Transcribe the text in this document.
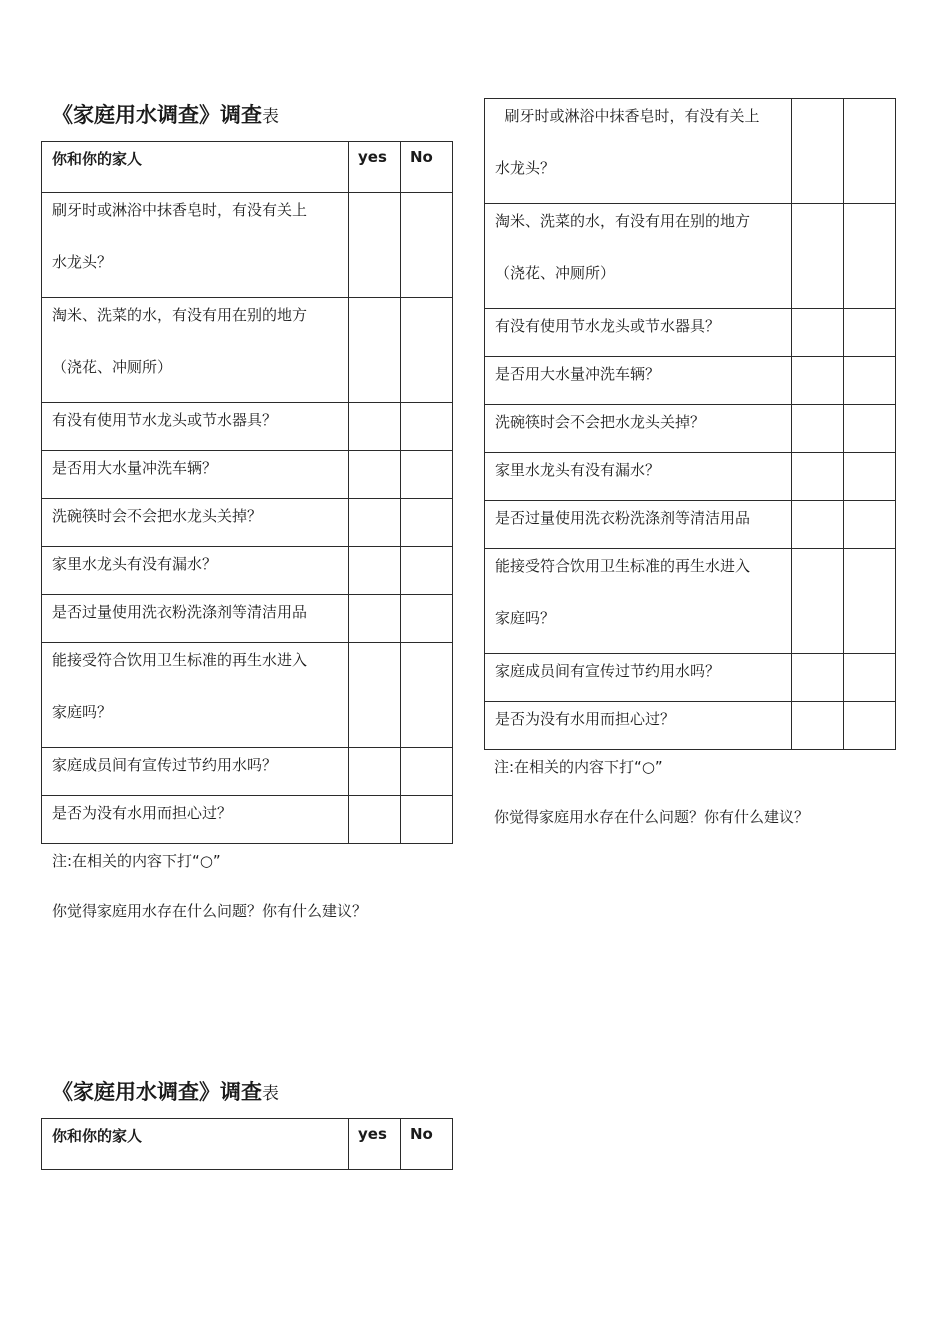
《家庭用水调查》调查表
你和你的家人	yes	No

刷牙时或淋浴中抹香皂时，有没有关上
水龙头？		

淘米、洗菜的水，有没有用在别的地方
（浇花、冲厕所）		

有没有使用节水龙头或节水器具？		
是否用大水量冲洗车辆？		
洗碗筷时会不会把水龙头关掉？		
家里水龙头有没有漏水？		
是否过量使用洗衣粉洗涤剂等清洁用品		

能接受符合饮用卫生标准的再生水进入
家庭吗？		

家庭成员间有宣传过节约用水吗？		
是否为没有水用而担心过？		
注:在相关的内容下打“○”
你觉得家庭用水存在什么问题？你有什么建议？
刷牙时或淋浴中抹香皂时，有没有关上
水龙头？		

淘米、洗菜的水，有没有用在别的地方
（浇花、冲厕所）		

有没有使用节水龙头或节水器具？		
是否用大水量冲洗车辆？		
洗碗筷时会不会把水龙头关掉？		
家里水龙头有没有漏水？		
是否过量使用洗衣粉洗涤剂等清洁用品		

能接受符合饮用卫生标准的再生水进入
家庭吗？		

家庭成员间有宣传过节约用水吗？		
是否为没有水用而担心过？		
注:在相关的内容下打“○”
你觉得家庭用水存在什么问题？你有什么建议？
《家庭用水调查》调查表
你和你的家人	yes	No
